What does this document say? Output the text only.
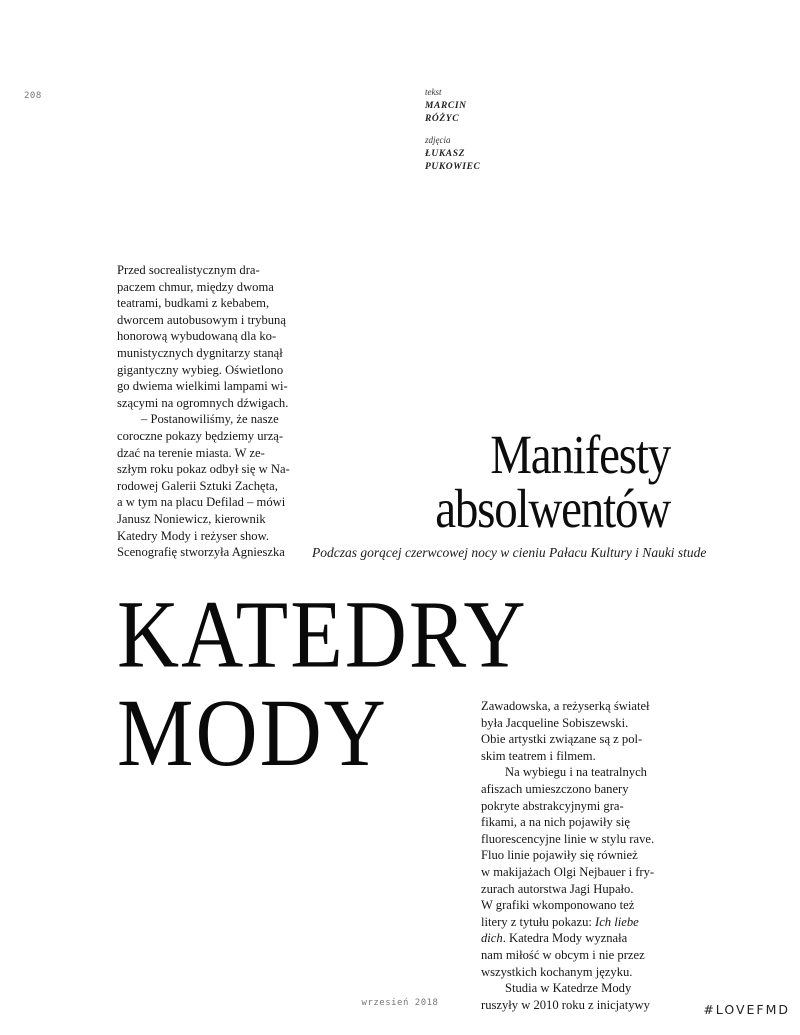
208	tekst
MARCIN
RÓŻYC
zdjęcia
ŁUKASZ
PUKOWIEC

Przed socrealistycznym dra-
paczem chmur, między dwoma
teatrami, budkami z kebabem,
dworcem autobusowym i trybuną
honorową wybudowaną dla ko-
munistycznych dygnitarzy stanął
gigantyczny wybieg. Oświetlono
go dwiema wielkimi lampami wi-
szącymi na ogromnych dźwigach.

– Postanowiliśmy, że nasze
coroczne pokazy będziemy urzą-
dzać na terenie miasta. W ze-
szłym roku pokaz odbył się w Na-
rodowej Galerii Sztuki Zachęta,
a w tym na placu Defilad – mówi
Janusz Noniewicz, kierownik
Katedry Mody i reżyser show.
Scenografię stworzyła Agnieszka

Manifesty
absolwentów
Podczas gorącej czerwcowej nocy w cieniu Pałacu Kultury i Nauki stude
KATEDRY
MODY	Zawadowska, a reżyserką świateł
była Jacqueline Sobiszewski.
Obie artystki związane są z pol-
skim teatrem i filmem.

Na wybiegu i na teatralnych
afiszach umieszczono banery
pokryte abstrakcyjnymi gra-
fikami, a na nich pojawiły się
fluorescencyjne linie w stylu rave.
Fluo linie pojawiły się również
w makijażach Olgi Nejbauer i fry-
zurach autorstwa Jagi Hupało.
W grafiki wkomponowano też
litery z tytułu pokazu: Ich liebe
dich. Katedra Mody wyznała
nam miłość w obcym i nie przez
wszystkich kochanym języku.

Studia w Katedrze Mody
ruszyły w 2010 roku z inicjatywy

wrzesień 2018	#LOVEFMD
